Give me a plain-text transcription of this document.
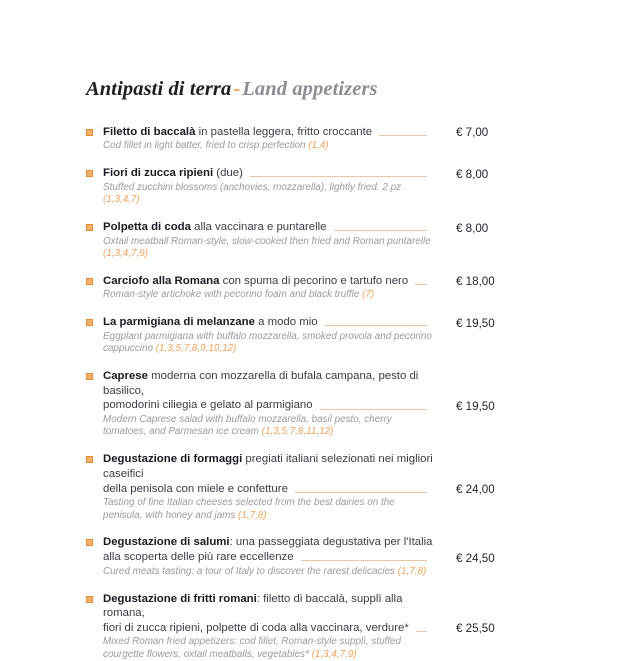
Antipasti di terra-Land appetizers
Filetto di baccalà in pastella leggera, fritto croccante	€ 7,00
Cod fillet in light batter, fried to crisp perfection (1,4)
Fiori di zucca ripieni (due)	€ 8,00
Stuffed zucchini blossoms (anchovies, mozzarella), lightly fried. 2 pz (1,3,4,7)
Polpetta di coda alla vaccinara e puntarelle	€ 8,00
Oxtail meatball Roman-style, slow-cooked then fried and Roman puntarelle (1,3,4,7,9)
Carciofo alla Romana con spuma di pecorino e tartufo nero	€ 18,00
Roman-style artichoke with pecorino foam and black truffle (7)
La parmigiana di melanzane a modo mio	€ 19,50
Eggplant parmigiana with buffalo mozzarella, smoked provola and pecorino cappuccino (1,3,5,7,8,9,10,12)
Caprese moderna con mozzarella di bufala campana, pesto di basilico,
pomodorini ciliegia e gelato al parmigiano	€ 19,50
Modern Caprese salad with buffalo mozzarella, basil pesto, cherry tomatoes, and Parmesan ice cream (1,3,5,7,8,11,12)
Degustazione di formaggi pregiati italiani selezionati nei migliori caseifici
della penisola con miele e confetture	€ 24,00
Tasting of fine Italian cheeses selected from the best dairies on the penisula, with honey and jams (1,7,8)
Degustazione di salumi: una passeggiata degustativa per l'Italia
alla scoperta delle più rare eccellenze	€ 24,50
Cured meats tasting: a tour of Italy to discover the rarest delicacies (1,7,8)
Degustazione di fritti romani: filetto di baccalà, supplì alla romana,
fiori di zucca ripieni, polpette di coda alla vaccinara, verdure*	€ 25,50
Mixed Roman fried appetizers: cod fillet, Roman-style supplì, stuffed courgette flowers, oxtail meatballs, vegetables* (1,3,4,7,9)
